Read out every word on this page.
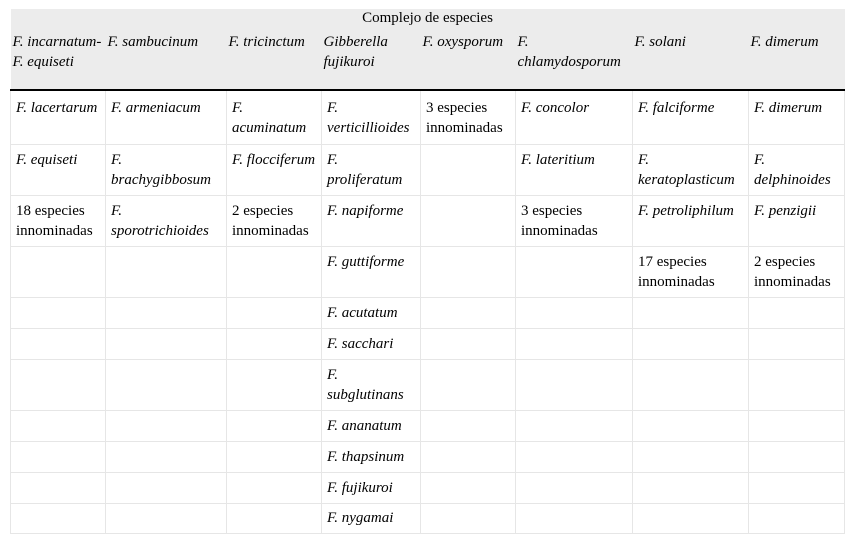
Complejo de especies							
F. incarnatum-F. equiseti	F. sambucinum	F. tricinctum	Gibberella fujikuroi	F. oxysporum	F. chlamydosporum	F. solani	F. dimerum
F. lacertarum	F. armeniacum	F. acuminatum	F. verticillioides	3 especies innominadas	F. concolor	F. falciforme	F. dimerum
F. equiseti	F. brachygibbosum	F. flocciferum	F. proliferatum		F. lateritium	F. keratoplasticum	F. delphinoides
18 especies innominadas	F. sporotrichioides	2 especies innominadas	F. napiforme		3 especies innominadas	F. petroliphilum	F. penzigii
			F. guttiforme			17 especies innominadas	2 especies innominadas
			F. acutatum				
			F. sacchari				
			F. subglutinans				
			F. ananatum				
			F. thapsinum				
			F. fujikuroi				
			F. nygamai				
